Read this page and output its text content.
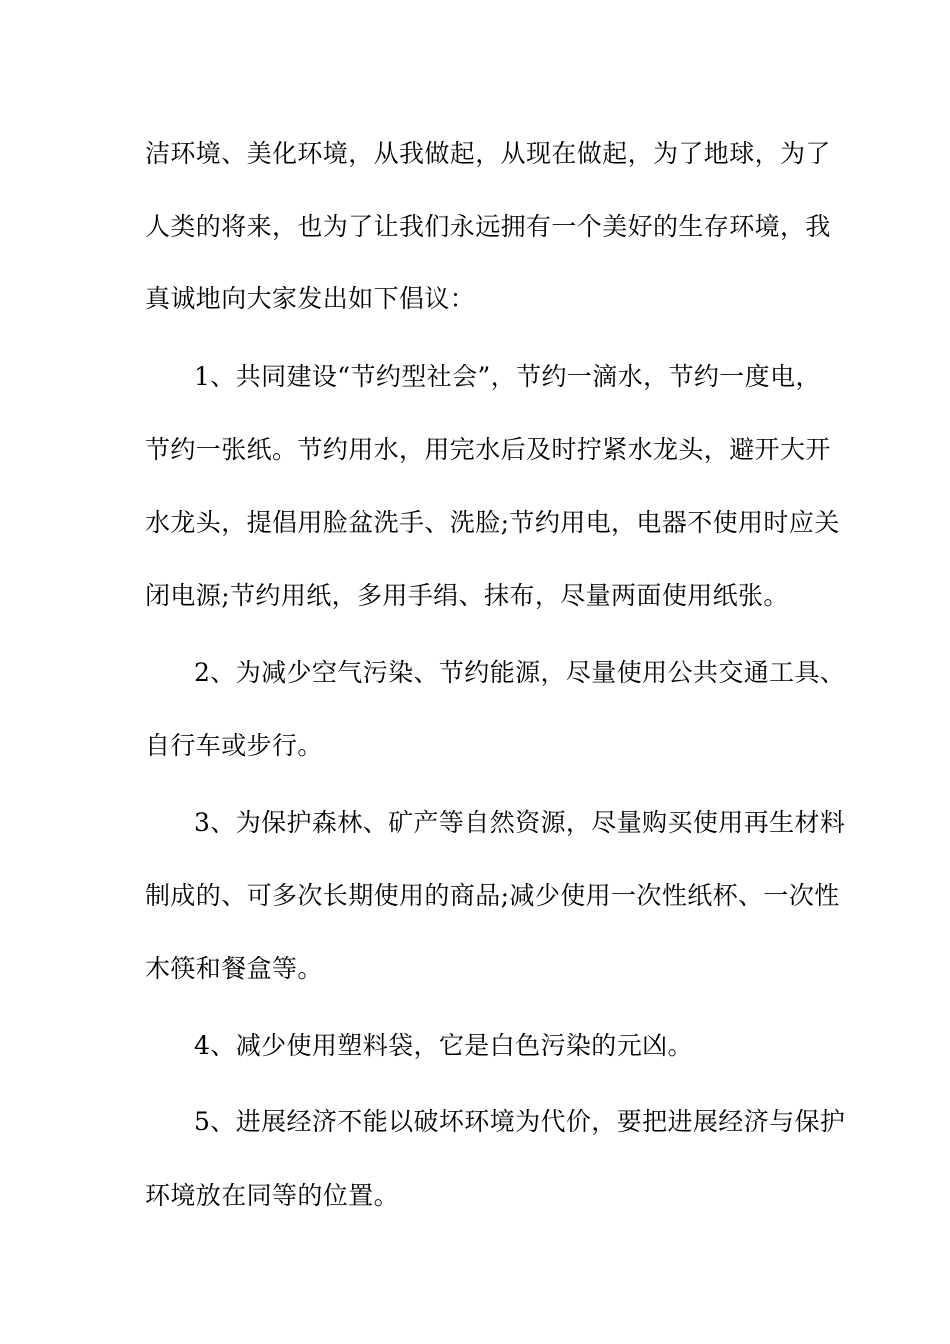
洁环境、美化环境，从我做起，从现在做起，为了地球，为了
人类的将来，也为了让我们永远拥有一个美好的生存环境，我
真诚地向大家发出如下倡议：
1、共同建设“节约型社会”，节约一滴水，节约一度电，
节约一张纸。节约用水，用完水后及时拧紧水龙头，避开大开
水龙头，提倡用脸盆洗手、洗脸;节约用电，电器不使用时应关
闭电源;节约用纸，多用手绢、抹布，尽量两面使用纸张。
2、为减少空气污染、节约能源，尽量使用公共交通工具、
自行车或步行。
3、为保护森林、矿产等自然资源，尽量购买使用再生材料
制成的、可多次长期使用的商品;减少使用一次性纸杯、一次性
木筷和餐盒等。
4、减少使用塑料袋，它是白色污染的元凶。
5、进展经济不能以破坏环境为代价，要把进展经济与保护
环境放在同等的位置。
